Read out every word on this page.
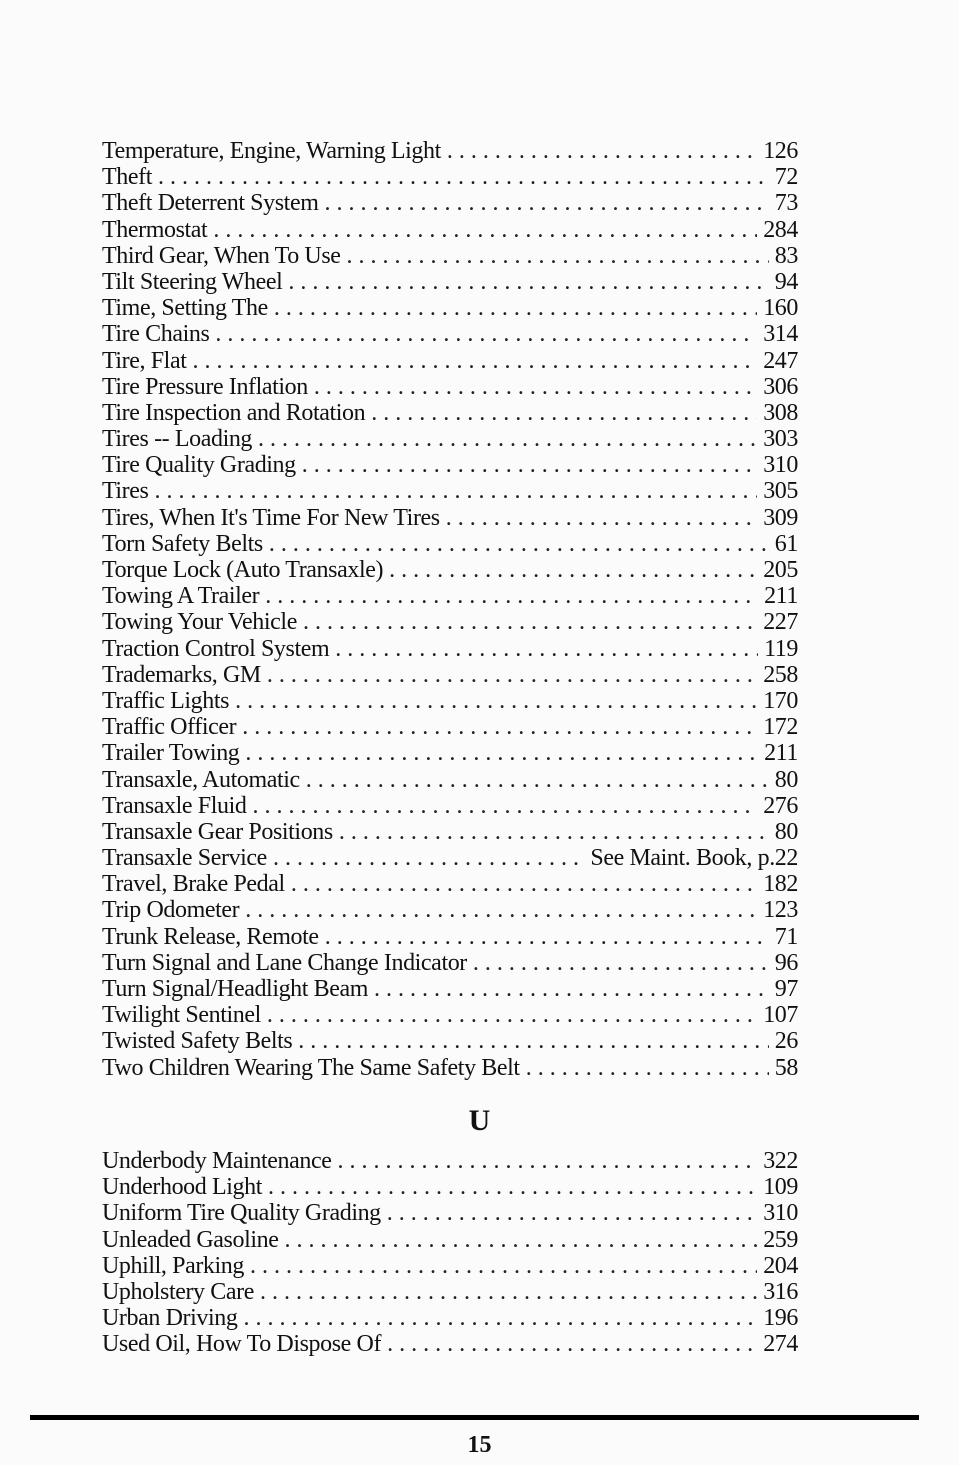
Temperature, Engine, Warning Light . . .	126
Theft . . .	72
Theft Deterrent System . . .	73
Thermostat . . .	284
Third Gear, When To Use . . .	83
Tilt Steering Wheel . . .	94
Time, Setting The . . .	160
Tire Chains . . .	314
Tire, Flat . . .	247
Tire Pressure Inflation . . .	306
Tire Inspection and Rotation . . .	308
Tires -- Loading . . .	303
Tire Quality Grading . . .	310
Tires . . .	305
Tires, When It's Time For New Tires . . .	309
Torn Safety Belts . . .	61
Torque Lock (Auto Transaxle) . . .	205
Towing A Trailer . . .	211
Towing Your Vehicle . . .	227
Traction Control System . . .	119
Trademarks, GM . . .	258
Traffic Lights . . .	170
Traffic Officer . . .	172
Trailer Towing . . .	211
Transaxle, Automatic . . .	80
Transaxle Fluid . . .	276
Transaxle Gear Positions . . .	80
Transaxle Service . . .	See Maint. Book, p.22
Travel, Brake Pedal . . .	182
Trip Odometer . . .	123
Trunk Release, Remote . . .	71
Turn Signal and Lane Change Indicator . . .	96
Turn Signal/Headlight Beam . . .	97
Twilight Sentinel . . .	107
Twisted Safety Belts . . .	26
Two Children Wearing The Same Safety Belt . . .	58
U
Underbody Maintenance . . .	322
Underhood Light . . .	109
Uniform Tire Quality Grading . . .	310
Unleaded Gasoline . . .	259
Uphill, Parking . . .	204
Upholstery Care . . .	316
Urban Driving . . .	196
Used Oil, How To Dispose Of . . .	274
15
